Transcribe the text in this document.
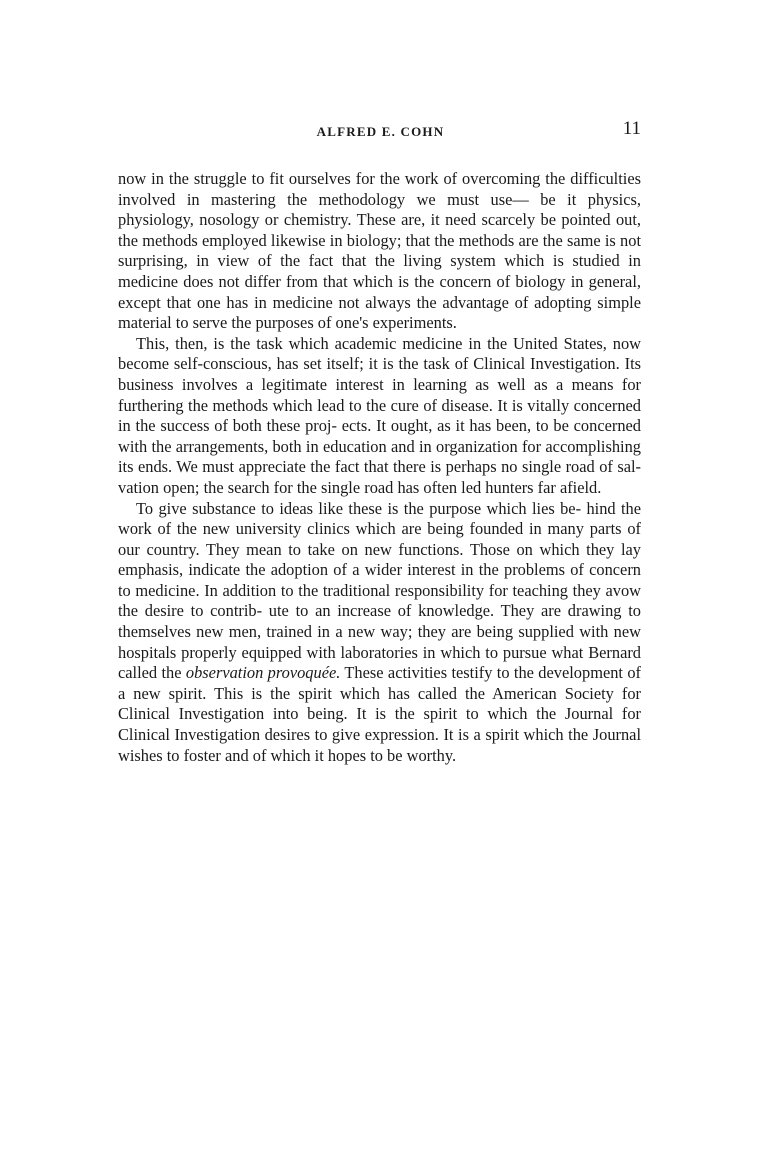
ALFRED E. COHN	11

now in the struggle to fit ourselves for the work of overcoming the difficulties involved in mastering the methodology we must use— be it physics, physiology, nosology or chemistry. These are, it need scarcely be pointed out, the methods employed likewise in biology; that the methods are the same is not surprising, in view of the fact that the living system which is studied in medicine does not differ from that which is the concern of biology in general, except that one has in medicine not always the advantage of adopting simple material to serve the purposes of one's experiments.

This, then, is the task which academic medicine in the United States, now become self-conscious, has set itself; it is the task of Clinical Investigation. Its business involves a legitimate interest in learning as well as a means for furthering the methods which lead to the cure of disease. It is vitally concerned in the success of both these proj- ects. It ought, as it has been, to be concerned with the arrangements, both in education and in organization for accomplishing its ends. We must appreciate the fact that there is perhaps no single road of sal- vation open; the search for the single road has often led hunters far afield.

To give substance to ideas like these is the purpose which lies be- hind the work of the new university clinics which are being founded in many parts of our country. They mean to take on new functions. Those on which they lay emphasis, indicate the adoption of a wider interest in the problems of concern to medicine. In addition to the traditional responsibility for teaching they avow the desire to contrib- ute to an increase of knowledge. They are drawing to themselves new men, trained in a new way; they are being supplied with new hospitals properly equipped with laboratories in which to pursue what Bernard called the observation provoquée. These activities testify to the development of a new spirit. This is the spirit which has called the American Society for Clinical Investigation into being. It is the spirit to which the Journal for Clinical Investigation desires to give expression. It is a spirit which the Journal wishes to foster and of which it hopes to be worthy.
